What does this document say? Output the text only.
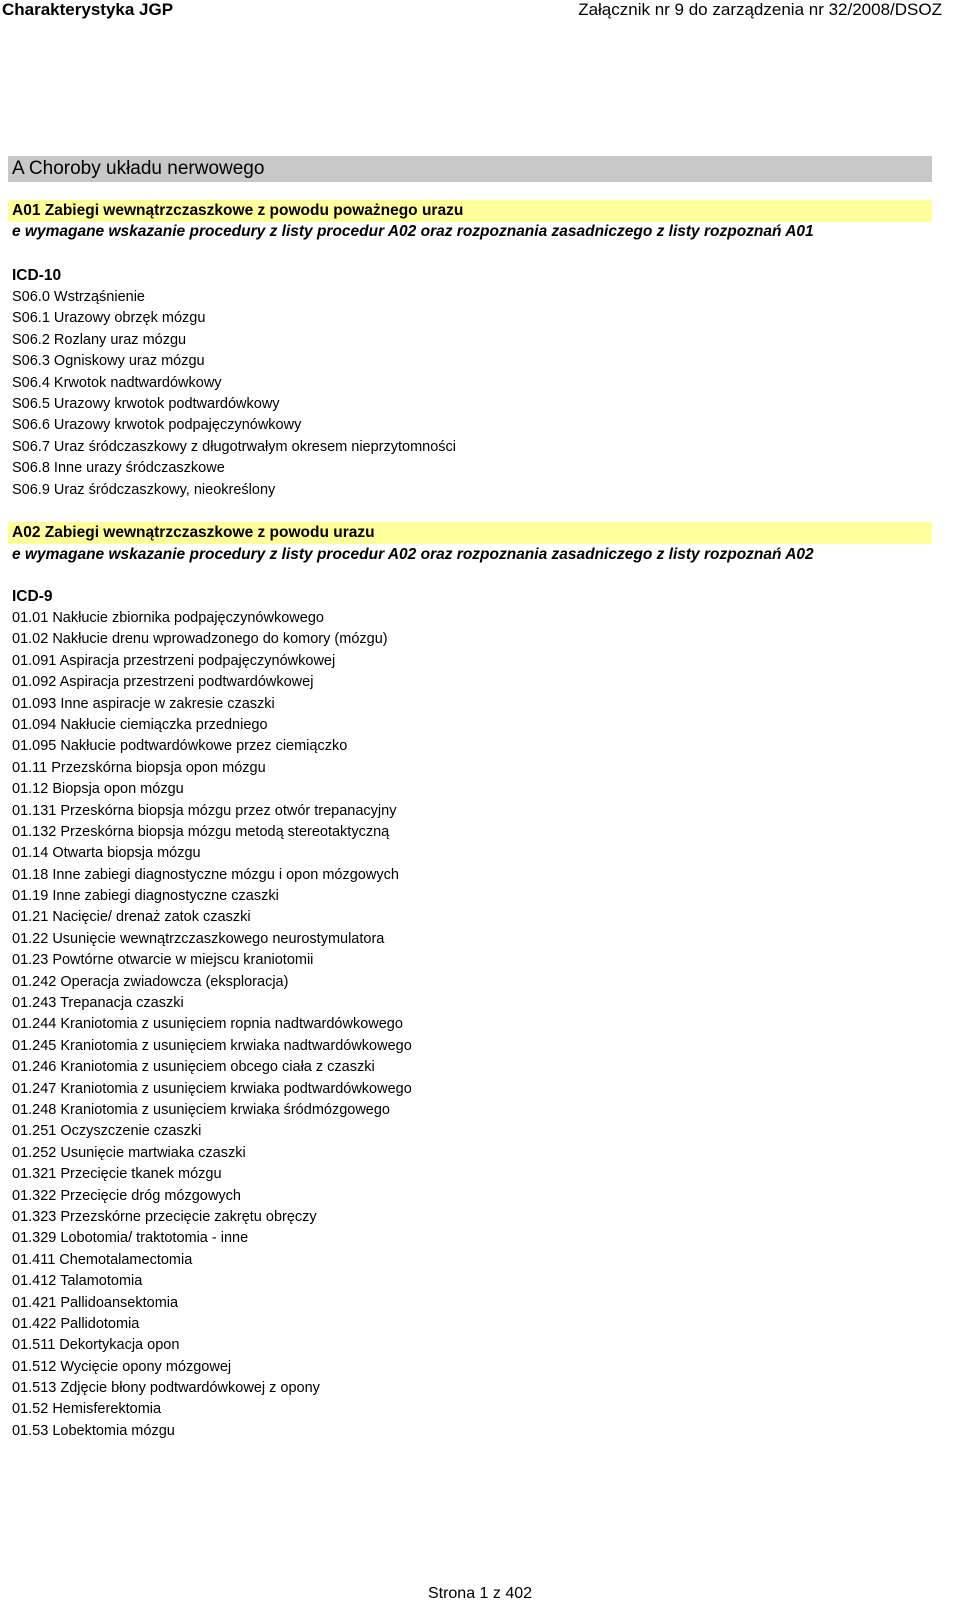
Charakterystyka JGP	Załącznik nr 9 do zarządzenia nr 32/2008/DSOZ
A Choroby układu nerwowego
A01 Zabiegi wewnątrzczaszkowe z powodu poważnego urazu
e wymagane wskazanie procedury z listy procedur A02 oraz rozpoznania zasadniczego z listy rozpoznań A01
ICD-10
S06.0 Wstrząśnienie
S06.1 Urazowy obrzęk mózgu
S06.2 Rozlany uraz mózgu
S06.3 Ogniskowy uraz mózgu
S06.4 Krwotok nadtwardówkowy
S06.5 Urazowy krwotok podtwardówkowy
S06.6 Urazowy krwotok podpajęczynówkowy
S06.7 Uraz śródczaszkowy z długotrwałym okresem nieprzytomności
S06.8 Inne urazy śródczaszkowe
S06.9 Uraz śródczaszkowy, nieokreślony
A02 Zabiegi wewnątrzczaszkowe z powodu urazu
e wymagane wskazanie procedury z listy procedur A02 oraz rozpoznania zasadniczego z listy rozpoznań A02
ICD-9
01.01 Nakłucie zbiornika podpajęczynówkowego
01.02 Nakłucie drenu wprowadzonego do komory (mózgu)
01.091 Aspiracja przestrzeni podpajęczynówkowej
01.092 Aspiracja przestrzeni podtwardówkowej
01.093 Inne aspiracje w zakresie czaszki
01.094 Nakłucie ciemiączka przedniego
01.095 Nakłucie podtwardówkowe przez ciemiączko
01.11 Przezskórna biopsja opon mózgu
01.12 Biopsja opon mózgu
01.131 Przeskórna biopsja mózgu przez otwór trepanacyjny
01.132 Przeskórna biopsja mózgu metodą stereotaktyczną
01.14 Otwarta biopsja mózgu
01.18 Inne zabiegi diagnostyczne mózgu i opon mózgowych
01.19 Inne zabiegi diagnostyczne czaszki
01.21 Nacięcie/ drenaż zatok czaszki
01.22 Usunięcie wewnątrzczaszkowego neurostymulatora
01.23 Powtórne otwarcie w miejscu kraniotomii
01.242 Operacja zwiadowcza (eksploracja)
01.243 Trepanacja czaszki
01.244 Kraniotomia z usunięciem ropnia nadtwardówkowego
01.245 Kraniotomia z usunięciem krwiaka nadtwardówkowego
01.246 Kraniotomia z usunięciem obcego ciała z czaszki
01.247 Kraniotomia z usunięciem krwiaka podtwardówkowego
01.248 Kraniotomia z usunięciem krwiaka śródmózgowego
01.251 Oczyszczenie czaszki
01.252 Usunięcie martwiaka czaszki
01.321 Przecięcie tkanek mózgu
01.322 Przecięcie dróg mózgowych
01.323 Przezskórne przecięcie zakrętu obręczy
01.329 Lobotomia/ traktotomia - inne
01.411 Chemotalamectomia
01.412 Talamotomia
01.421 Pallidoansektomia
01.422 Pallidotomia
01.511 Dekortykacja opon
01.512 Wycięcie opony mózgowej
01.513 Zdjęcie błony podtwardówkowej z opony
01.52 Hemisferektomia
01.53 Lobektomia mózgu
Strona 1 z 402
